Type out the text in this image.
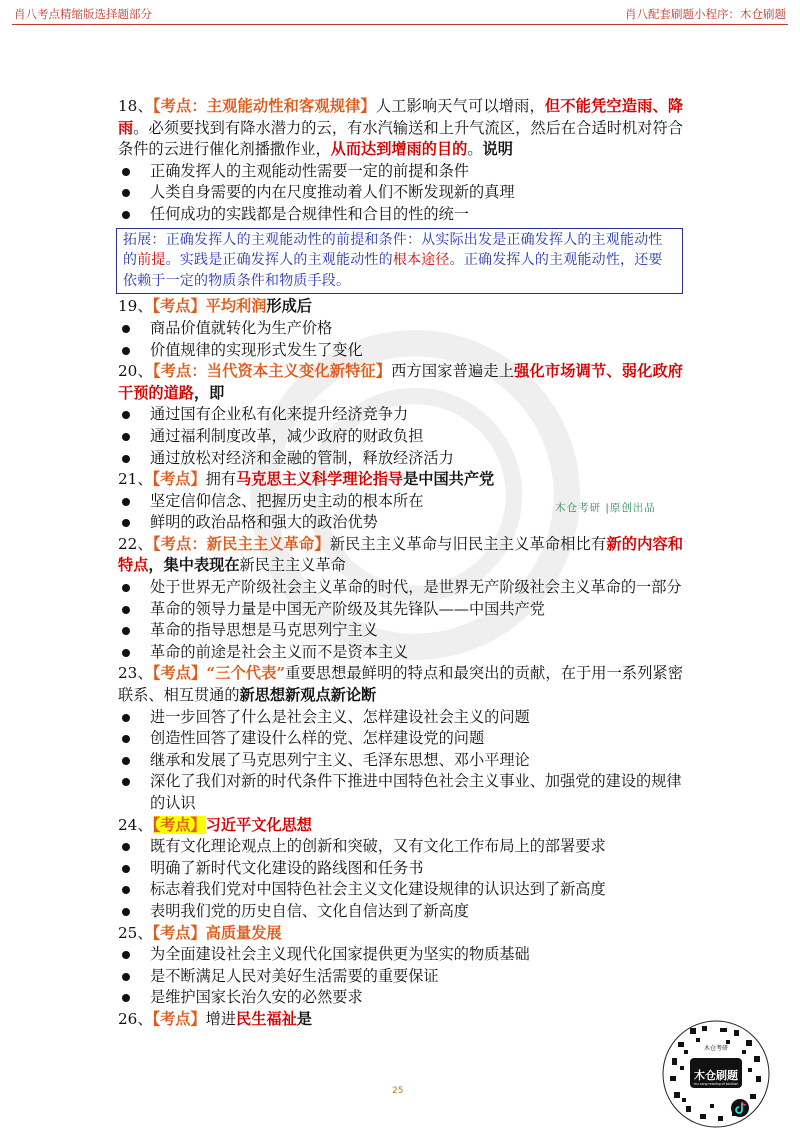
肖八考点精缩版选择题部分	肖八配套刷题小程序：木仓刷题

18、【考点：主观能动性和客观规律】人工影响天气可以增雨，但不能凭空造雨、降雨。必须要找到有降水潜力的云，有水汽输送和上升气流区，然后在合适时机对符合条件的云进行催化剂播撒作业，从而达到增雨的目的。说明

正确发挥人的主观能动性需要一定的前提和条件
人类自身需要的内在尺度推动着人们不断发现新的真理
任何成功的实践都是合规律性和合目的性的统一
拓展：正确发挥人的主观能动性的前提和条件：从实际出发是正确发挥人的主观能动性的前提。实践是正确发挥人的主观能动性的根本途径。正确发挥人的主观能动性，还要依赖于一定的物质条件和物质手段。

19、【考点】平均利润形成后

商品价值就转化为生产价格
价值规律的实现形式发生了变化

20、【考点：当代资本主义变化新特征】西方国家普遍走上强化市场调节、弱化政府干预的道路，即

通过国有企业私有化来提升经济竞争力
通过福利制度改革，减少政府的财政负担
通过放松对经济和金融的管制，释放经济活力

21、【考点】拥有马克思主义科学理论指导是中国共产党

坚定信仰信念、把握历史主动的根本所在
鲜明的政治品格和强大的政治优势

22、【考点：新民主主义革命】新民主主义革命与旧民主主义革命相比有新的内容和特点，集中表现在新民主主义革命

处于世界无产阶级社会主义革命的时代，是世界无产阶级社会主义革命的一部分
革命的领导力量是中国无产阶级及其先锋队——中国共产党
革命的指导思想是马克思列宁主义
革命的前途是社会主义而不是资本主义

23、【考点】“三个代表”重要思想最鲜明的特点和最突出的贡献，在于用一系列紧密联系、相互贯通的新思想新观点新论断

进一步回答了什么是社会主义、怎样建设社会主义的问题
创造性回答了建设什么样的党、怎样建设党的问题
继承和发展了马克思列宁主义、毛泽东思想、邓小平理论
深化了我们对新的时代条件下推进中国特色社会主义事业、加强党的建设的规律的认识

24、【考点】习近平文化思想

既有文化理论观点上的创新和突破，又有文化工作布局上的部署要求
明确了新时代文化建设的路线图和任务书
标志着我们党对中国特色社会主义文化建设规律的认识达到了新高度
表明我们党的历史自信、文化自信达到了新高度

25、【考点】高质量发展

为全面建设社会主义现代化国家提供更为坚实的物质基础
是不断满足人民对美好生活需要的重要保证
是维护国家长治久安的必然要求

26、【考点】增进民生福祉是

木仓考研 |原创出品
25
木仓考研
木仓刷题
mu cang reading of solution
